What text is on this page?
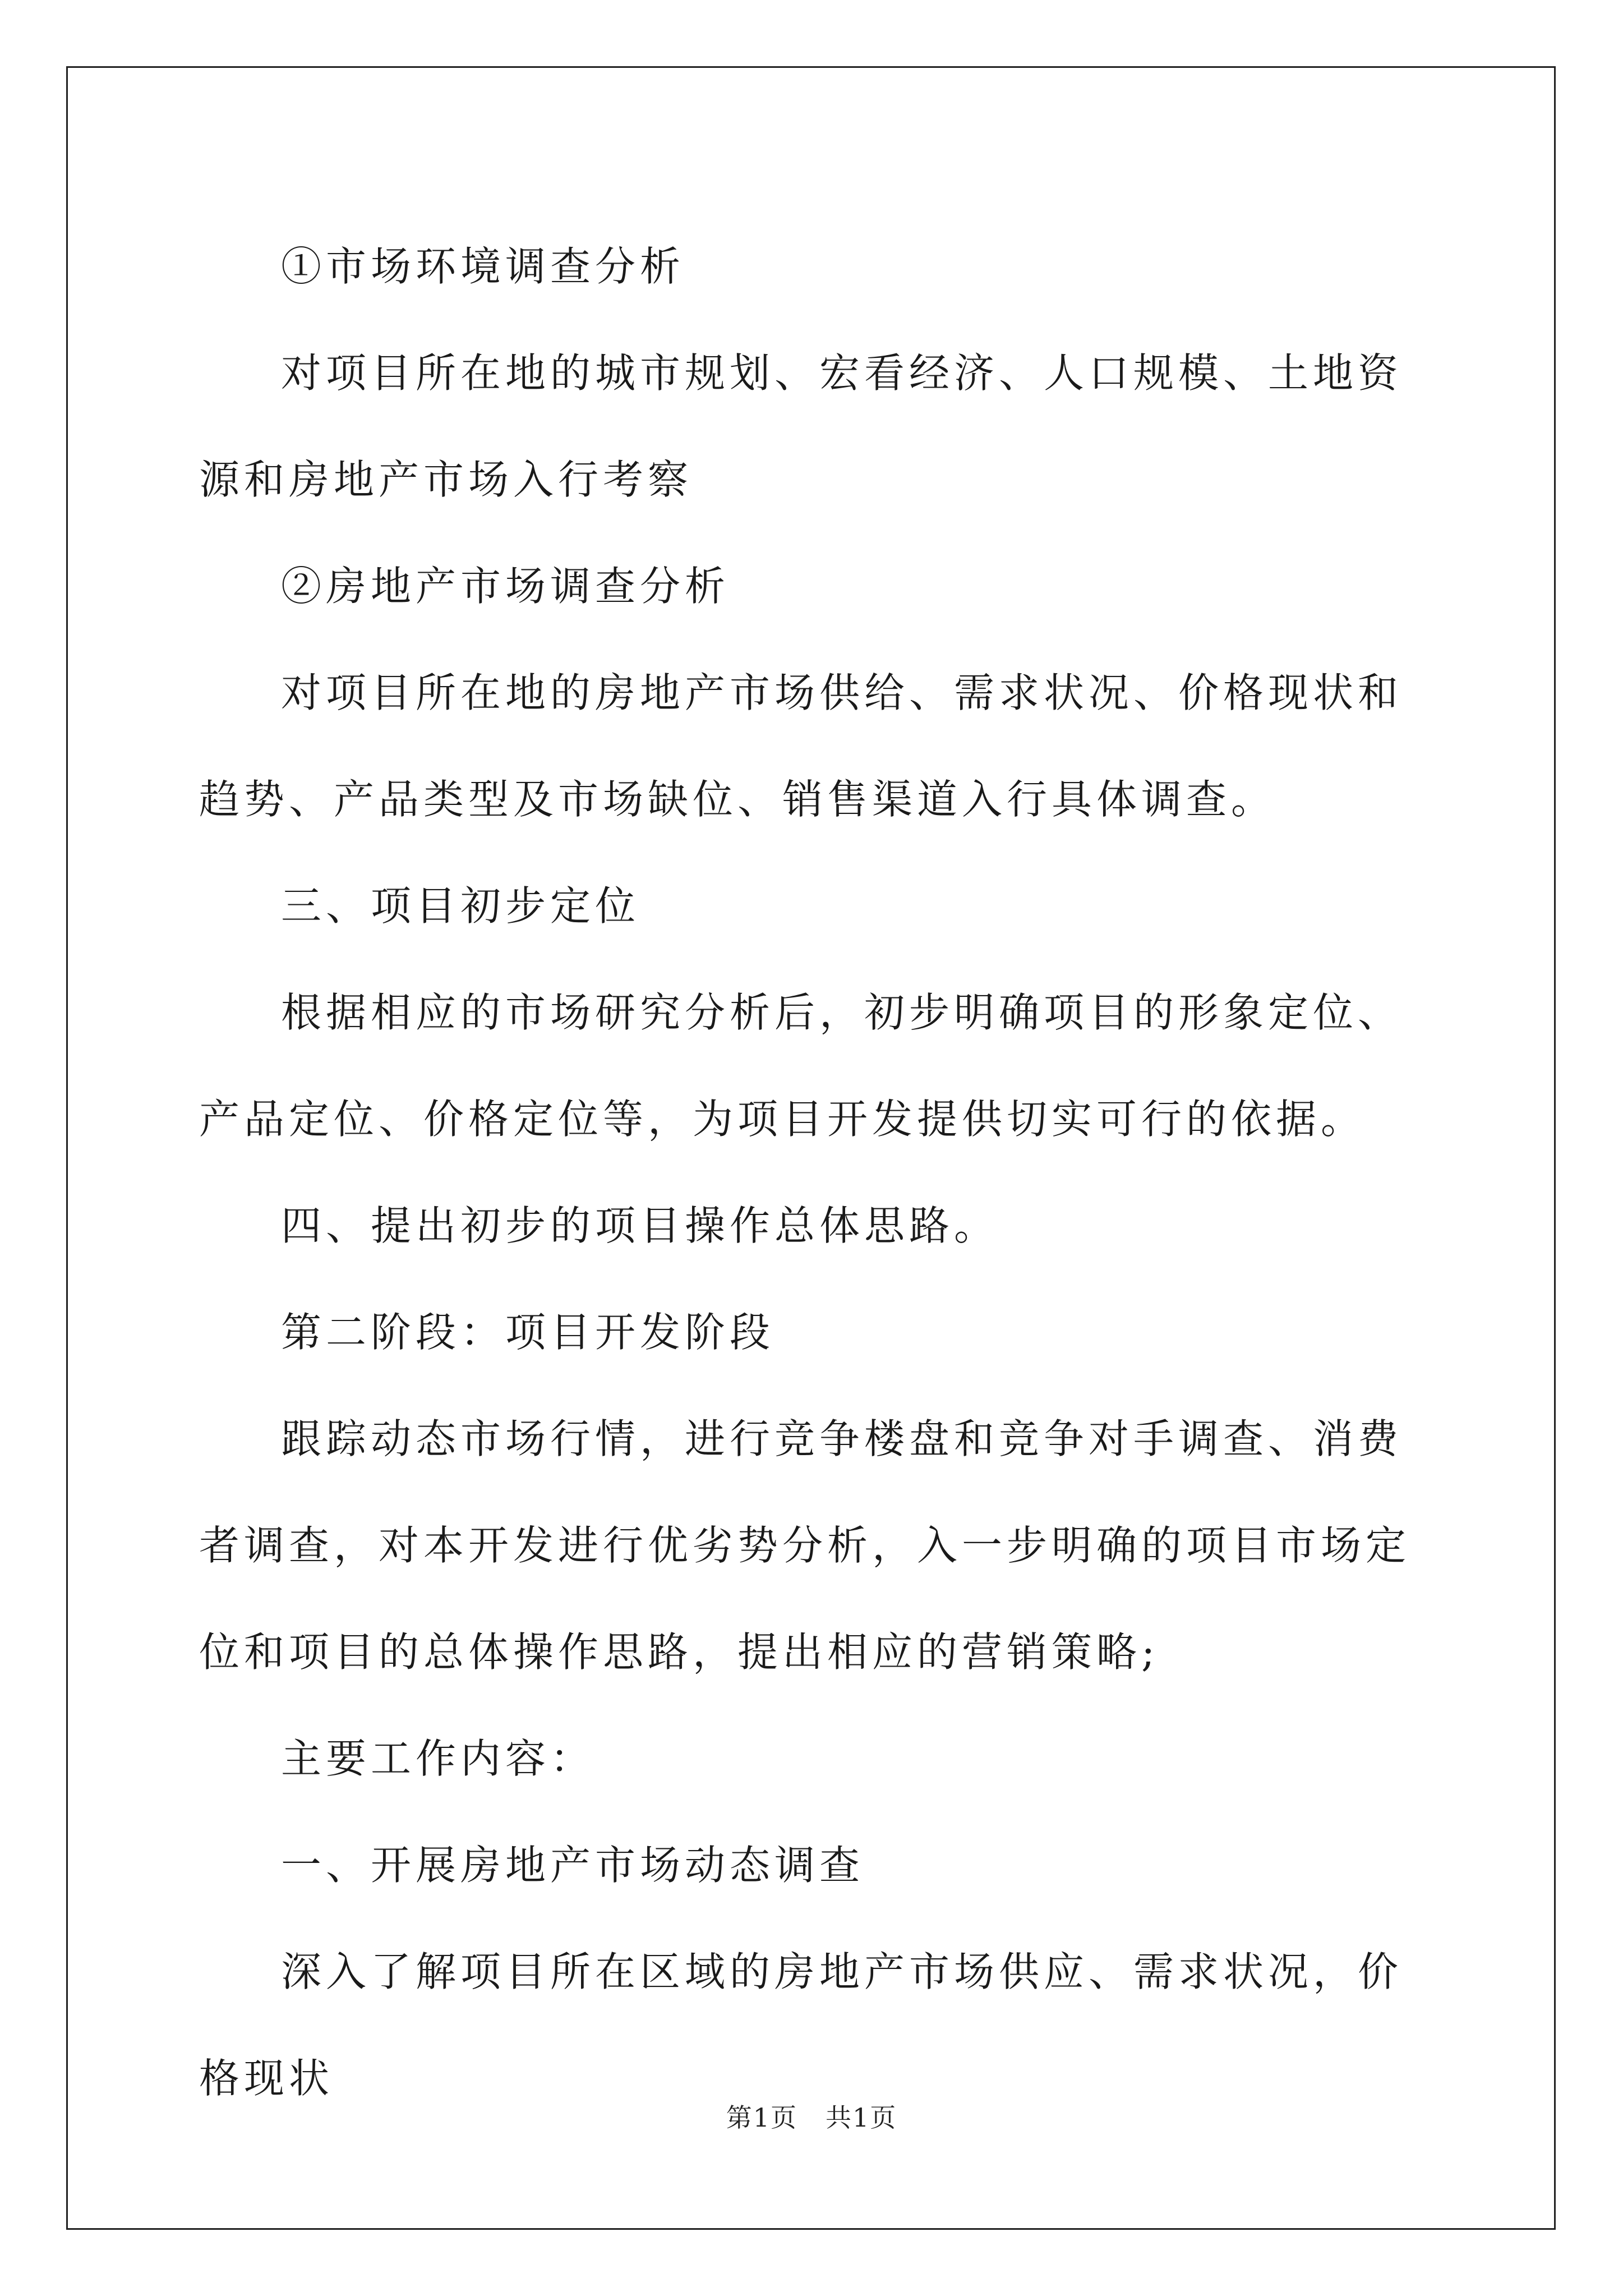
①市场环境调查分析

对项目所在地的城市规划、宏看经济、人口规模、土地资源和房地产市场入行考察

②房地产市场调查分析

对项目所在地的房地产市场供给、需求状况、价格现状和趋势、产品类型及市场缺位、销售渠道入行具体调查。

三、项目初步定位

根据相应的市场研究分析后，初步明确项目的形象定位、产品定位、价格定位等，为项目开发提供切实可行的依据。

四、提出初步的项目操作总体思路。

第二阶段：项目开发阶段

跟踪动态市场行情，进行竞争楼盘和竞争对手调查、消费者调查，对本开发进行优劣势分析，入一步明确的项目市场定位和项目的总体操作思路，提出相应的营销策略;

主要工作内容：

一、开展房地产市场动态调查

深入了解项目所在区域的房地产市场供应、需求状况，价格现状

第1页 共1页
